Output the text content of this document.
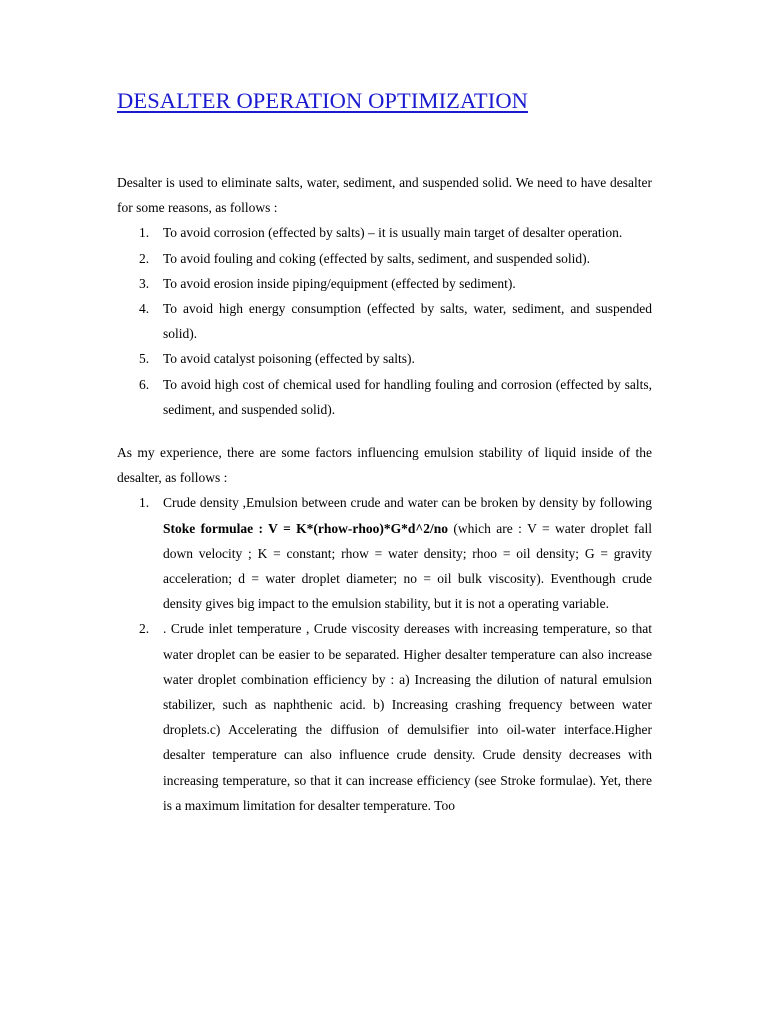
DESALTER OPERATION OPTIMIZATION

Desalter is used to eliminate salts, water, sediment, and suspended solid. We need to have desalter for some reasons, as follows :

1. To avoid corrosion (effected by salts) – it is usually main target of desalter operation.
2. To avoid fouling and coking (effected by salts, sediment, and suspended solid).
3. To avoid erosion inside piping/equipment (effected by sediment).
4. To avoid high energy consumption (effected by salts, water, sediment, and suspended solid).
5. To avoid catalyst poisoning (effected by salts).
6. To avoid high cost of chemical used for handling fouling and corrosion (effected by salts, sediment, and suspended solid).

As my experience, there are some factors influencing emulsion stability of liquid inside of the desalter, as follows :

1. Crude density ,Emulsion between crude and water can be broken by density by following Stoke formulae : V = K*(rhow-rhoo)*G*d^2/no (which are : V = water droplet fall down velocity ; K = constant; rhow = water density; rhoo = oil density; G = gravity acceleration; d = water droplet diameter; no = oil bulk viscosity). Eventhough crude density gives big impact to the emulsion stability, but it is not a operating variable.
2. . Crude inlet temperature , Crude viscosity dereases with increasing temperature, so that water droplet can be easier to be separated. Higher desalter temperature can also increase water droplet combination efficiency by : a) Increasing the dilution of natural emulsion stabilizer, such as naphthenic acid. b) Increasing crashing frequency between water droplets.c) Accelerating the diffusion of demulsifier into oil-water interface.Higher desalter temperature can also influence crude density. Crude density decreases with increasing temperature, so that it can increase efficiency (see Stroke formulae). Yet, there is a maximum limitation for desalter temperature. Too
